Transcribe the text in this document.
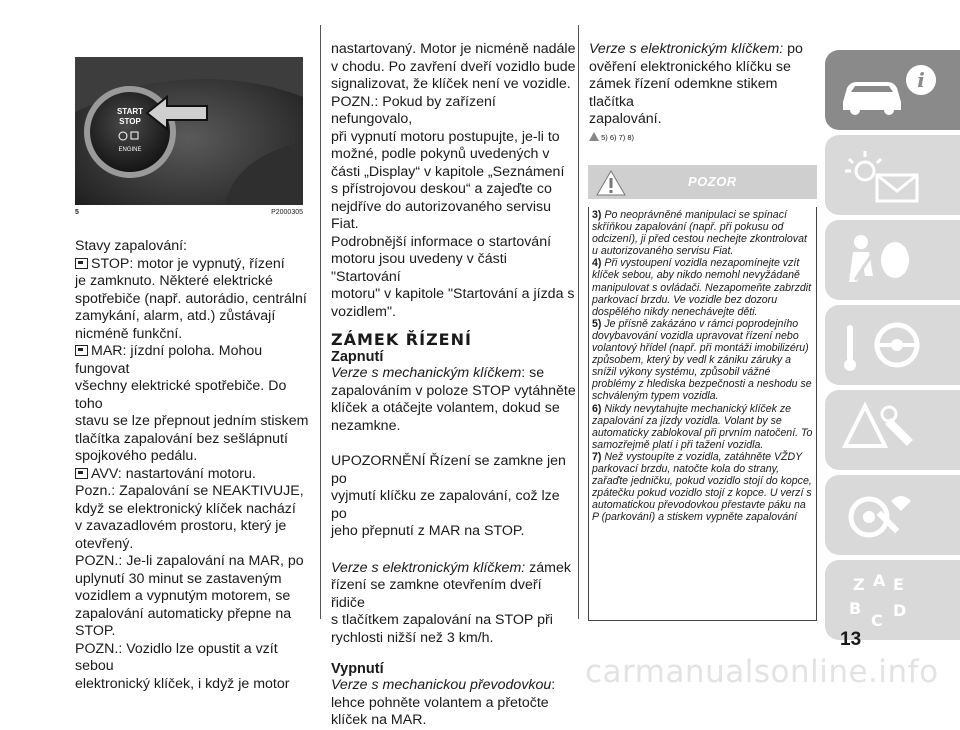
START
STOP
ENGINE
5	P2000305

Stavy zapalování:

STOP: motor je vypnutý, řízení

je zamknuto. Některé elektrické

spotřebiče (např. autorádio, centrální

zamykání, alarm, atd.) zůstávají

nicméně funkční.

MAR: jízdní poloha. Mohou fungovat

všechny elektrické spotřebiče. Do toho

stavu se lze přepnout jedním stiskem

tlačítka zapalování bez sešlápnutí

spojkového pedálu.

AVV: nastartování motoru.

Pozn.: Zapalování se NEAKTIVUJE,

když se elektronický klíček nachází

v zavazadlovém prostoru, který je

otevřený.

POZN.: Je-li zapalování na MAR, po

uplynutí 30 minut se zastaveným

vozidlem a vypnutým motorem, se

zapalování automaticky přepne na

STOP.

POZN.: Vozidlo lze opustit a vzít sebou

elektronický klíček, i když je motor

nastartovaný. Motor je nicméně nadále

v chodu. Po zavření dveří vozidlo bude

signalizovat, že klíček není ve vozidle.

POZN.: Pokud by zařízení nefungovalo,

při vypnutí motoru postupujte, je-li to

možné, podle pokynů uvedených v

části „Display“ v kapitole „Seznámení

s přístrojovou deskou“ a zajeďte co

nejdříve do autorizovaného servisu Fiat.

Podrobnější informace o startování

motoru jsou uvedeny v části "Startování

motoru" v kapitole "Startování a jízda s

vozidlem".

ZÁMEK ŘÍZENÍ
Zapnutí

Verze s mechanickým klíčkem: se

zapalováním v poloze STOP vytáhněte

klíček a otáčejte volantem, dokud se

nezamkne.

UPOZORNĚNÍ Řízení se zamkne jen po

vyjmutí klíčku ze zapalování, což lze po

jeho přepnutí z MAR na STOP.

Verze s elektronickým klíčkem: zámek

řízení se zamkne otevřením dveří řidiče

s tlačítkem zapalování na STOP při

rychlosti nižší než 3 km/h.

Vypnutí

Verze s mechanickou převodovkou:

lehce pohněte volantem a přetočte

klíček na MAR.

Verze s elektronickým klíčkem: po

ověření elektronického klíčku se

zámek řízení odemkne stikem tlačítka

zapalování.

5) 6) 7) 8)
POZOR
3) Po neoprávněné manipulaci se spínací skříňkou zapalování (např. při pokusu od odcizení), ji před cestou nechejte zkontrolovat u autorizovaného servisu Fiat.
4) Při vystoupení vozidla nezapomínejte vzít klíček sebou, aby nikdo nemohl nevyžádaně manipulovat s ovládači. Nezapomeňte zabrzdit parkovací brzdu. Ve vozidle bez dozoru dospělého nikdy nenechávejte děti.
5) Je přísně zakázáno v rámci poprodejního dovybavování vozidla upravovat řízení nebo volantový hřídel (např. při montáži imobilizéru) způsobem, který by vedl k zániku záruky a snížil výkony systému, způsobil vážné problémy z hlediska bezpečnosti a neshodu se schváleným typem vozidla.
6) Nikdy nevytahujte mechanický klíček ze zapalování za jízdy vozidla. Volant by se automaticky zablokoval při prvním natočení. To samozřejmě platí i při tažení vozidla.
7) Než vystoupíte z vozidla, zatáhněte VŽDY parkovací brzdu, natočte kola do strany, zařaďte jedničku, pokud vozidlo stojí do kopce, zpátečku pokud vozidlo stojí z kopce. U verzí s automatickou převodovkou přestavte páku na P (parkování) a stiskem vypněte zapalování
i
Z A E
B
C
D
13
carmanualsonline.info
